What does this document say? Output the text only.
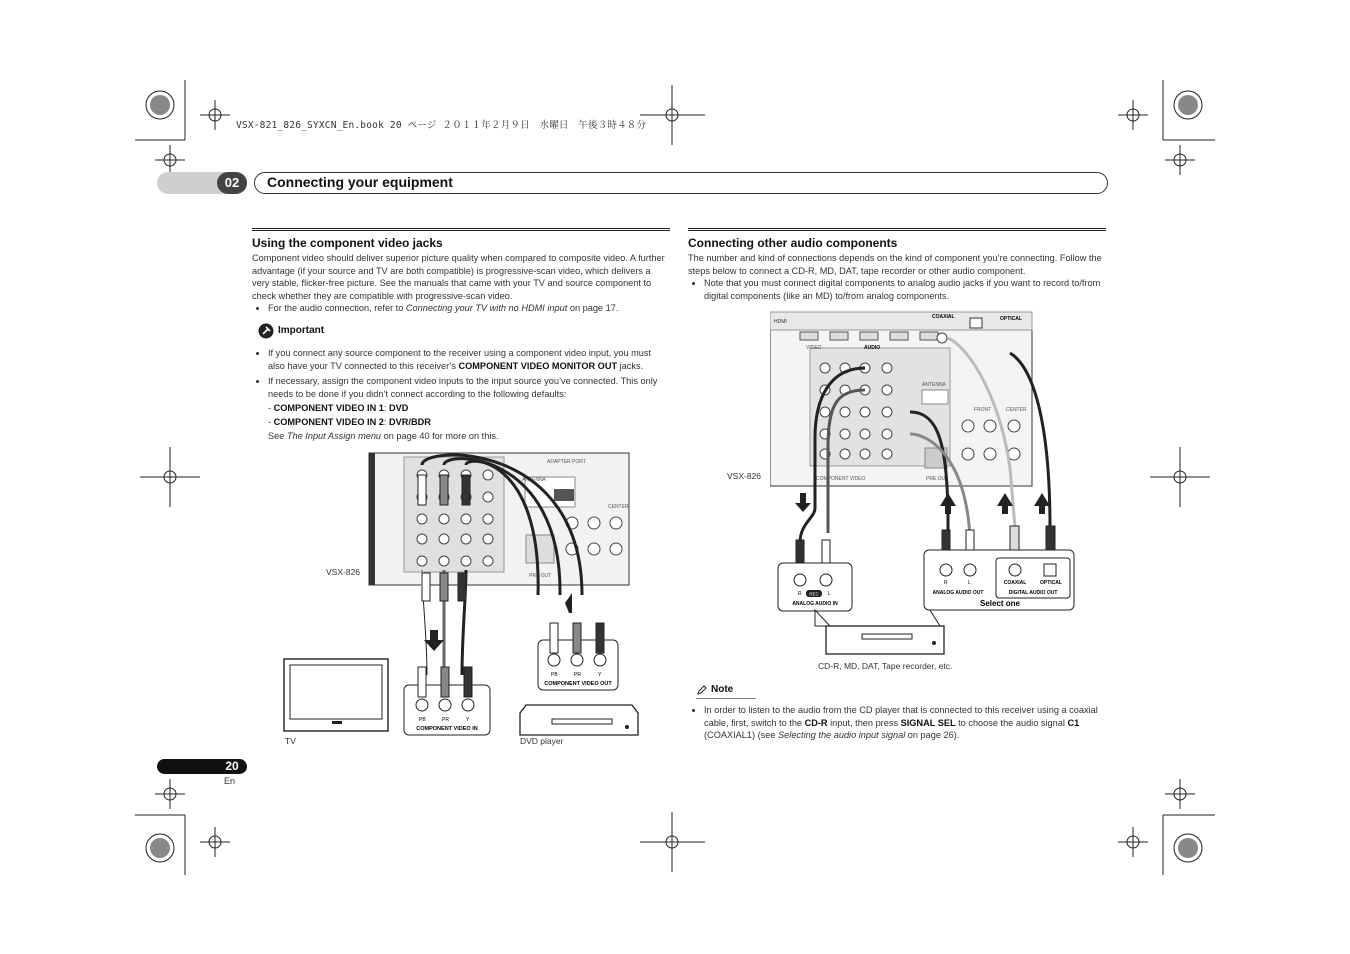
VSX-821_826_SYXCN_En.book 20 ページ ２０１１年２月９日　水曜日　午後３時４８分
02	Connecting your equipment
Using the component video jacks

Component video should deliver superior picture quality when compared to composite video. A further advantage (if your source and TV are both compatible) is progressive-scan video, which delivers a very stable, flicker-free picture. See the manuals that came with your TV and source component to check whether they are compatible with progressive-scan video.

• For the audio connection, refer to Connecting your TV with no HDMI input on page 17.
Important
• If you connect any source component to the receiver using a component video input, you must also have your TV connected to this receiver’s COMPONENT VIDEO MONITOR OUT jacks.
• If necessary, assign the component video inputs to the input source you’ve connected. This only needs to be done if you didn’t connect according to the following defaults:
- COMPONENT VIDEO IN 1: DVD
- COMPONENT VIDEO IN 2: DVR/BDR
See The Input Assign menu on page 40 for more on this.
Connecting other audio components

The number and kind of connections depends on the kind of component you’re connecting. Follow the steps below to connect a CD-R, MD, DAT, tape recorder or other audio component.

• Note that you must connect digital components to analog audio jacks if you want to record to/from digital components (like an MD) to/from analog components.
ANTENNA
ADAPTER PORT
CENTER
PRE OUT
PB	PR	Y
COMPONENT VIDEO IN
PB	PR	Y
COMPONENT VIDEO OUT
VSX-826
TV	DVD player
HDMI
COAXIAL	OPTICAL
VIDEO	AUDIO
ANTENNA
FRONT	CENTER
PRE OUT
COMPONENT VIDEO
R	L
REC
ANALOG AUDIO IN
R	L	COAXIAL	OPTICAL
ANALOG AUDIO OUT	DIGITAL AUDIO OUT
Select one
VSX-826
CD-R, MD, DAT, Tape recorder, etc.
Note
• In order to listen to the audio from the CD player that is connected to this receiver using a coaxial cable, first, switch to the CD-R input, then press SIGNAL SEL to choose the audio signal C1 (COAXIAL1) (see Selecting the audio input signal on page 26).
20
En
